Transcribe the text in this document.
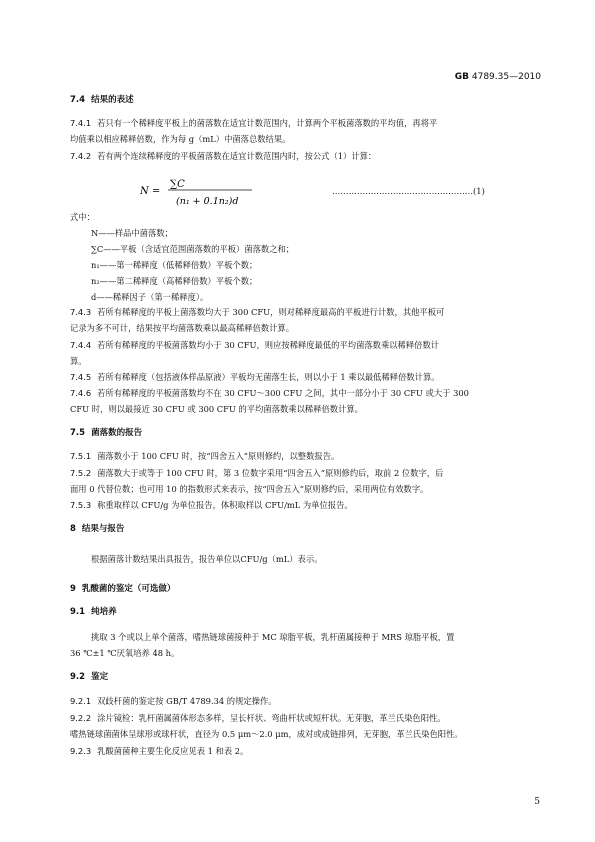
GB 4789.35—2010
7.4 结果的表述
7.4.1 若只有一个稀释度平板上的菌落数在适宜计数范围内，计算两个平板菌落数的平均值，再将平
均值乘以相应稀释倍数，作为每 g（mL）中菌落总数结果。
7.4.2 若有两个连续稀释度的平板菌落数在适宜计数范围内时，按公式（1）计算：
N =
∑C
(n₁ + 0.1n₂)d
……………………………………………(1)
式中：
N——样品中菌落数；
∑C——平板（含适宜范围菌落数的平板）菌落数之和；
n₁——第一稀释度（低稀释倍数）平板个数；
n₂——第二稀释度（高稀释倍数）平板个数；
d——稀释因子（第一稀释度）。
7.4.3 若所有稀释度的平板上菌落数均大于 300 CFU，则对稀释度最高的平板进行计数，其他平板可
记录为多不可计，结果按平均菌落数乘以最高稀释倍数计算。
7.4.4 若所有稀释度的平板菌落数均小于 30 CFU，则应按稀释度最低的平均菌落数乘以稀释倍数计
算。
7.4.5 若所有稀释度（包括液体样品原液）平板均无菌落生长，则以小于 1 乘以最低稀释倍数计算。
7.4.6 若所有稀释度的平板菌落数均不在 30 CFU～300 CFU 之间，其中一部分小于 30 CFU 或大于 300
CFU 时，则以最接近 30 CFU 或 300 CFU 的平均菌落数乘以稀释倍数计算。
7.5 菌落数的报告
7.5.1 菌落数小于 100 CFU 时，按“四舍五入”原则修约，以整数报告。
7.5.2 菌落数大于或等于 100 CFU 时，第 3 位数字采用“四舍五入”原则修约后，取前 2 位数字，后
面用 0 代替位数；也可用 10 的指数形式来表示，按“四舍五入”原则修约后，采用两位有效数字。
7.5.3 称重取样以 CFU/g 为单位报告，体积取样以 CFU/mL 为单位报告。
8 结果与报告
根据菌落计数结果出具报告，报告单位以CFU/g（mL）表示。
9 乳酸菌的鉴定（可选做）
9.1 纯培养
挑取 3 个或以上单个菌落，嗜热链球菌接种于 MC 琼脂平板，乳杆菌属接种于 MRS 琼脂平板，置
36 ℃±1 ℃厌氧培养 48 h。
9.2 鉴定
9.2.1 双歧杆菌的鉴定按 GB/T 4789.34 的规定操作。
9.2.2 涂片镜检：乳杆菌属菌体形态多样，呈长杆状、弯曲杆状或短杆状。无芽胞，革兰氏染色阳性。
嗜热链球菌菌体呈球形或球杆状，直径为 0.5 μm～2.0 μm，成对或成链排列，无芽胞，革兰氏染色阳性。
9.2.3 乳酸菌菌种主要生化反应见表 1 和表 2。
5
